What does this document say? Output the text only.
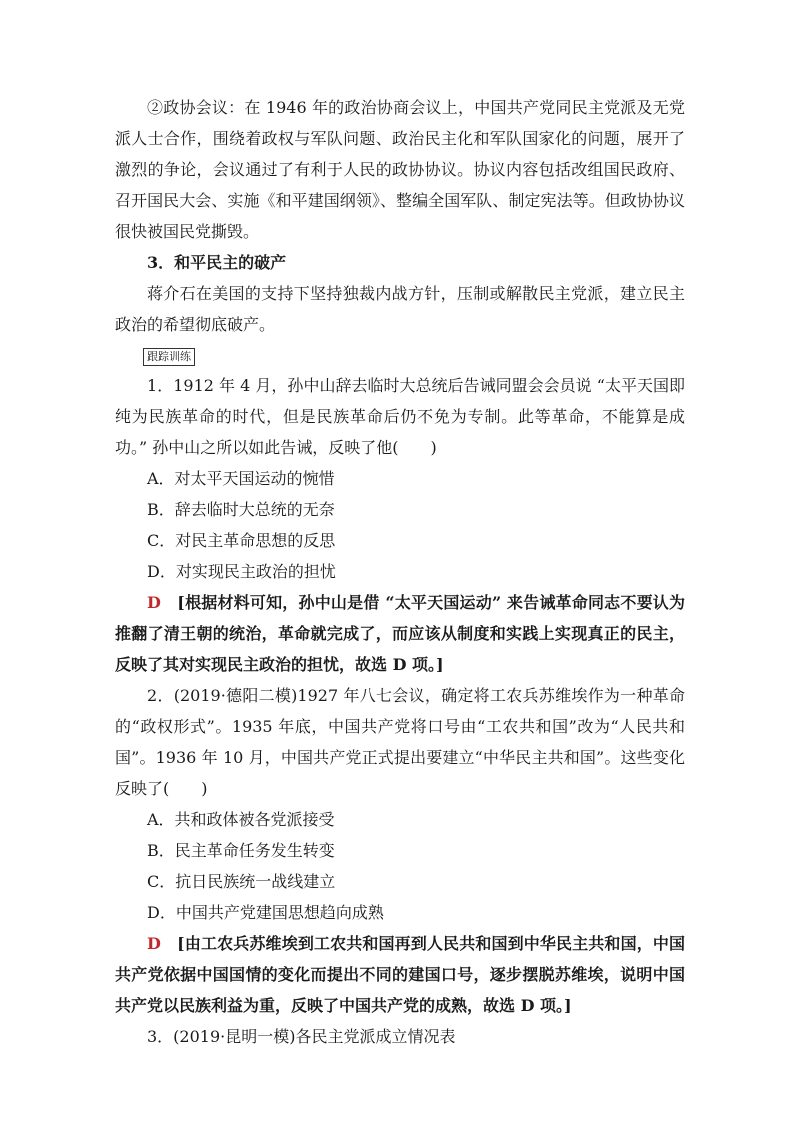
②政协会议：在 1946 年的政治协商会议上，中国共产党同民主党派及无党派人士合作，围绕着政权与军队问题、政治民主化和军队国家化的问题，展开了激烈的争论，会议通过了有利于人民的政协协议。协议内容包括改组国民政府、召开国民大会、实施《和平建国纲领》、整编全国军队、制定宪法等。但政协协议很快被国民党撕毁。

3．和平民主的破产

蒋介石在美国的支持下坚持独裁内战方针，压制或解散民主党派，建立民主政治的希望彻底破产。

跟踪训练

1．1912 年 4 月，孙中山辞去临时大总统后告诫同盟会会员说 “太平天国即纯为民族革命的时代，但是民族革命后仍不免为专制。此等革命，不能算是成功。” 孙中山之所以如此告诫，反映了他(　　)

A．对太平天国运动的惋惜

B．辞去临时大总统的无奈

C．对民主革命思想的反思

D．对实现民主政治的担忧

D　 [根据材料可知，孙中山是借 “太平天国运动” 来告诫革命同志不要认为推翻了清王朝的统治，革命就完成了，而应该从制度和实践上实现真正的民主，反映了其对实现民主政治的担忧，故选 D 项。]

2．(2019·德阳二模)1927 年八七会议，确定将工农兵苏维埃作为一种革命的“政权形式”。1935 年底，中国共产党将口号由“工农共和国”改为“人民共和国”。1936 年 10 月，中国共产党正式提出要建立“中华民主共和国”。这些变化反映了(　　)

A．共和政体被各党派接受

B．民主革命任务发生转变

C．抗日民族统一战线建立

D．中国共产党建国思想趋向成熟

D　 [由工农兵苏维埃到工农共和国再到人民共和国到中华民主共和国，中国共产党依据中国国情的变化而提出不同的建国口号，逐步摆脱苏维埃，说明中国共产党以民族利益为重，反映了中国共产党的成熟，故选 D 项。]

3．(2019·昆明一模)各民主党派成立情况表
